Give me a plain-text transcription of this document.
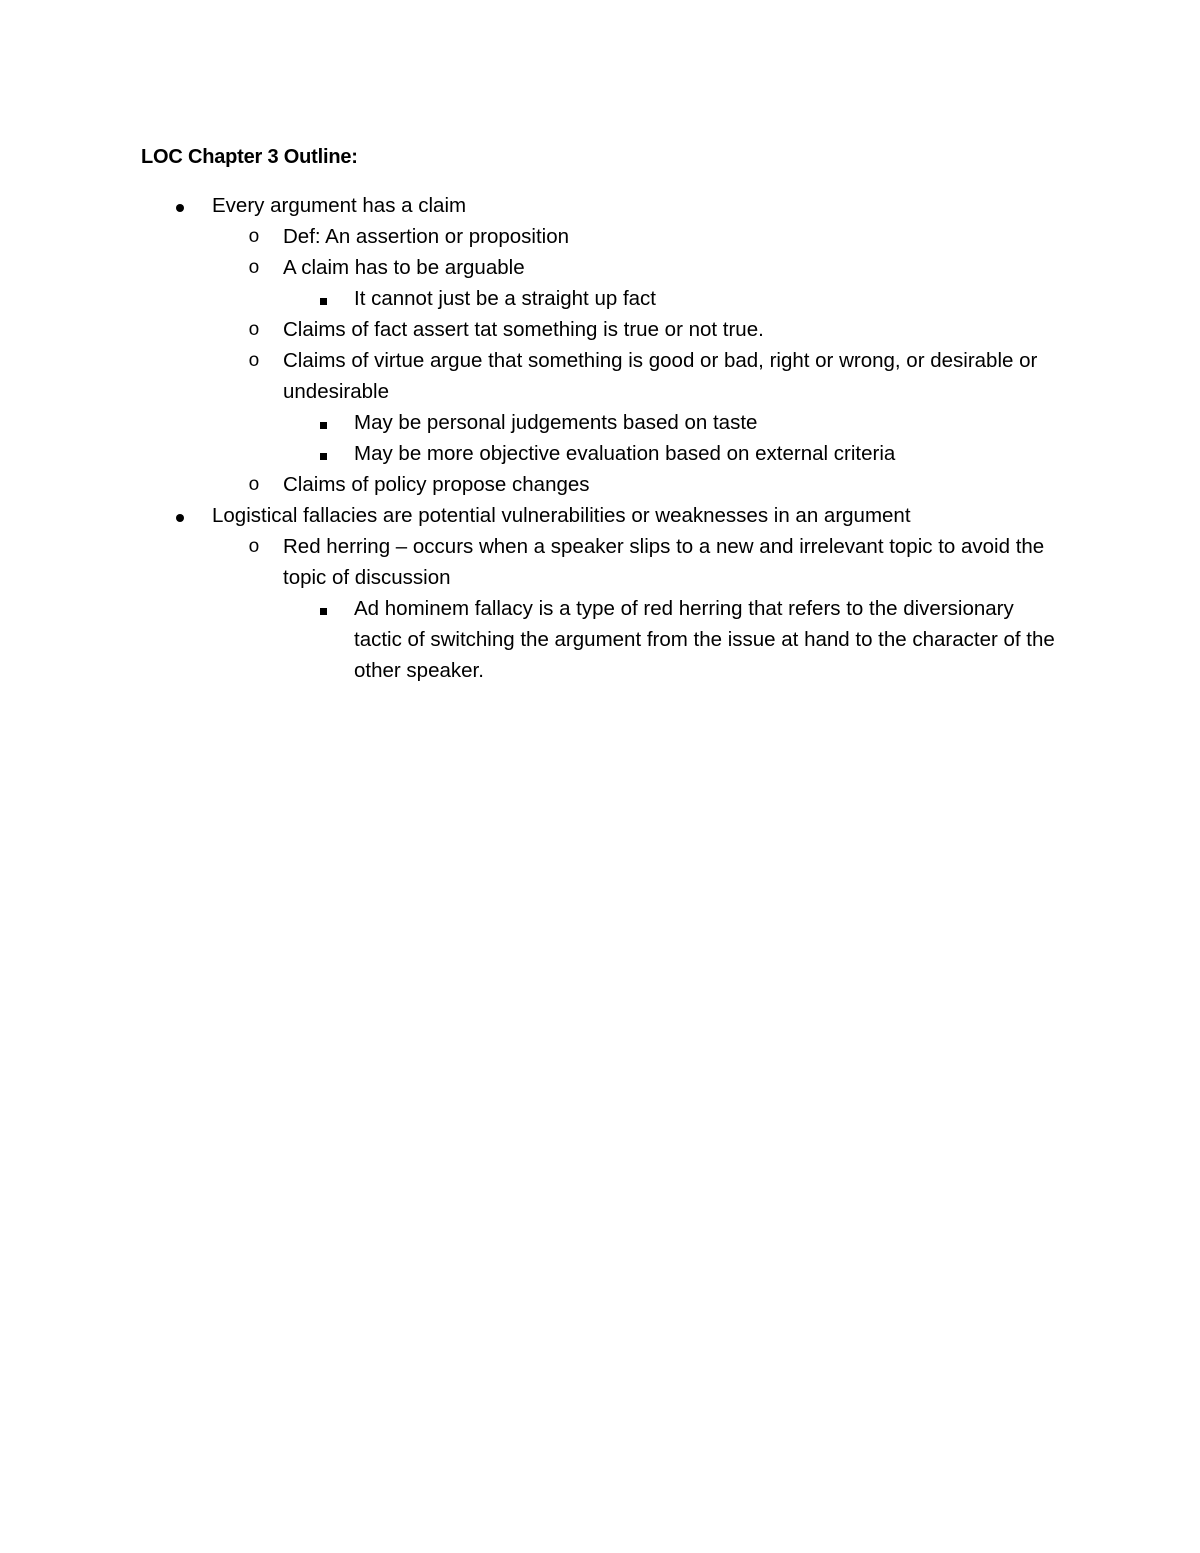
LOC Chapter 3 Outline:
Every argument has a claim
o Def: An assertion or proposition
o A claim has to be arguable
It cannot just be a straight up fact
o Claims of fact assert tat something is true or not true.
o Claims of virtue argue that something is good or bad, right or wrong, or desirable or undesirable
May be personal judgements based on taste
May be more objective evaluation based on external criteria
o Claims of policy propose changes
Logistical fallacies are potential vulnerabilities or weaknesses in an argument
o Red herring – occurs when a speaker slips to a new and irrelevant topic to avoid the topic of discussion
Ad hominem fallacy is a type of red herring that refers to the diversionary tactic of switching the argument from the issue at hand to the character of the other speaker.
